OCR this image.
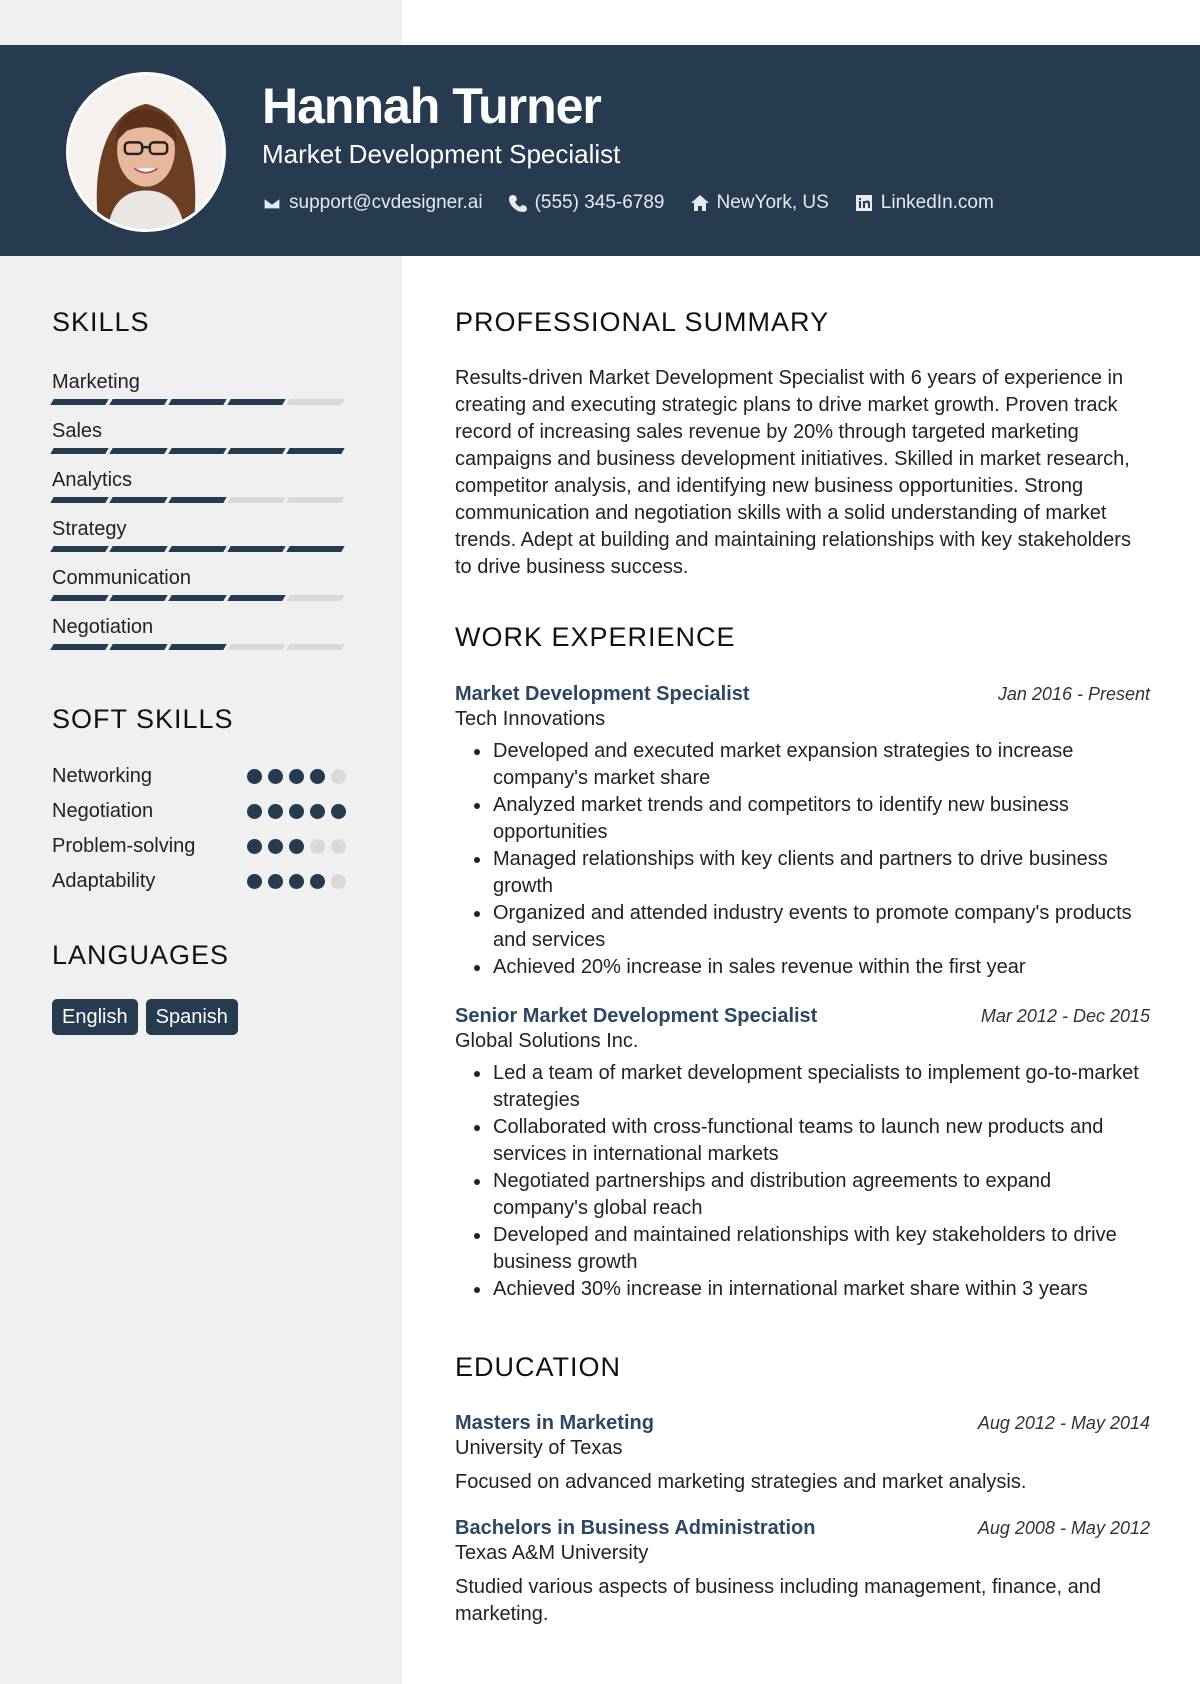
Hannah Turner
Market Development Specialist
support@cvdesigner.ai	(555) 345-6789	NewYork, US	LinkedIn.com
SKILLS
Marketing
Sales
Analytics
Strategy
Communication
Negotiation
SOFT SKILLS
Networking
Negotiation
Problem-solving
Adaptability
LANGUAGES
English	Spanish
PROFESSIONAL SUMMARY

Results-driven Market Development Specialist with 6 years of experience in creating and executing strategic plans to drive market growth. Proven track record of increasing sales revenue by 20% through targeted marketing campaigns and business development initiatives. Skilled in market research, competitor analysis, and identifying new business opportunities. Strong communication and negotiation skills with a solid understanding of market trends. Adept at building and maintaining relationships with key stakeholders to drive business success.

WORK EXPERIENCE
Market Development Specialist	Jan 2016 - Present
Tech Innovations
• Developed and executed market expansion strategies to increase company's market share
• Analyzed market trends and competitors to identify new business opportunities
• Managed relationships with key clients and partners to drive business growth
• Organized and attended industry events to promote company's products and services
• Achieved 20% increase in sales revenue within the first year
Senior Market Development Specialist	Mar 2012 - Dec 2015
Global Solutions Inc.
• Led a team of market development specialists to implement go-to-market strategies
• Collaborated with cross-functional teams to launch new products and services in international markets
• Negotiated partnerships and distribution agreements to expand company's global reach
• Developed and maintained relationships with key stakeholders to drive business growth
• Achieved 30% increase in international market share within 3 years
EDUCATION
Masters in Marketing	Aug 2012 - May 2014
University of Texas

Focused on advanced marketing strategies and market analysis.

Bachelors in Business Administration	Aug 2008 - May 2012
Texas A&M University

Studied various aspects of business including management, finance, and marketing.
